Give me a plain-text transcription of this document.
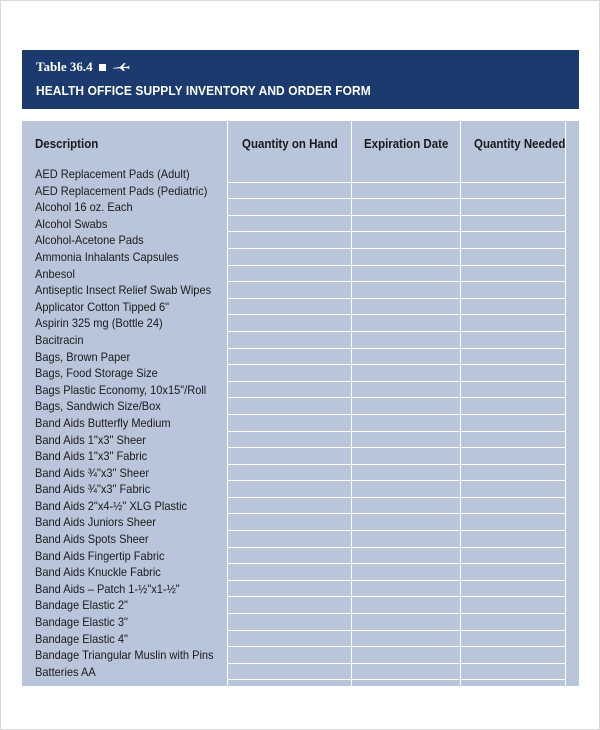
Table 36.4
HEALTH OFFICE SUPPLY INVENTORY AND ORDER FORM
Description	Quantity on Hand Expiration Date Quantity Needed
AED Replacement Pads (Adult)
AED Replacement Pads (Pediatric)
Alcohol 16 oz. Each
Alcohol Swabs
Alcohol-Acetone Pads
Ammonia Inhalants Capsules
Anbesol
Antiseptic Insect Relief Swab Wipes
Applicator Cotton Tipped 6"
Aspirin 325 mg (Bottle 24)
Bacitracin
Bags, Brown Paper
Bags, Food Storage Size
Bags Plastic Economy, 10x15"/Roll
Bags, Sandwich Size/Box
Band Aids Butterfly Medium
Band Aids 1"x3" Sheer
Band Aids 1"x3" Fabric
Band Aids ¾"x3" Sheer
Band Aids ¾"x3" Fabric
Band Aids 2"x4-½" XLG Plastic
Band Aids Juniors Sheer
Band Aids Spots Sheer
Band Aids Fingertip Fabric
Band Aids Knuckle Fabric
Band Aids – Patch 1-½"x1-½"
Bandage Elastic 2"
Bandage Elastic 3"
Bandage Elastic 4"
Bandage Triangular Muslin with Pins
Batteries AA
